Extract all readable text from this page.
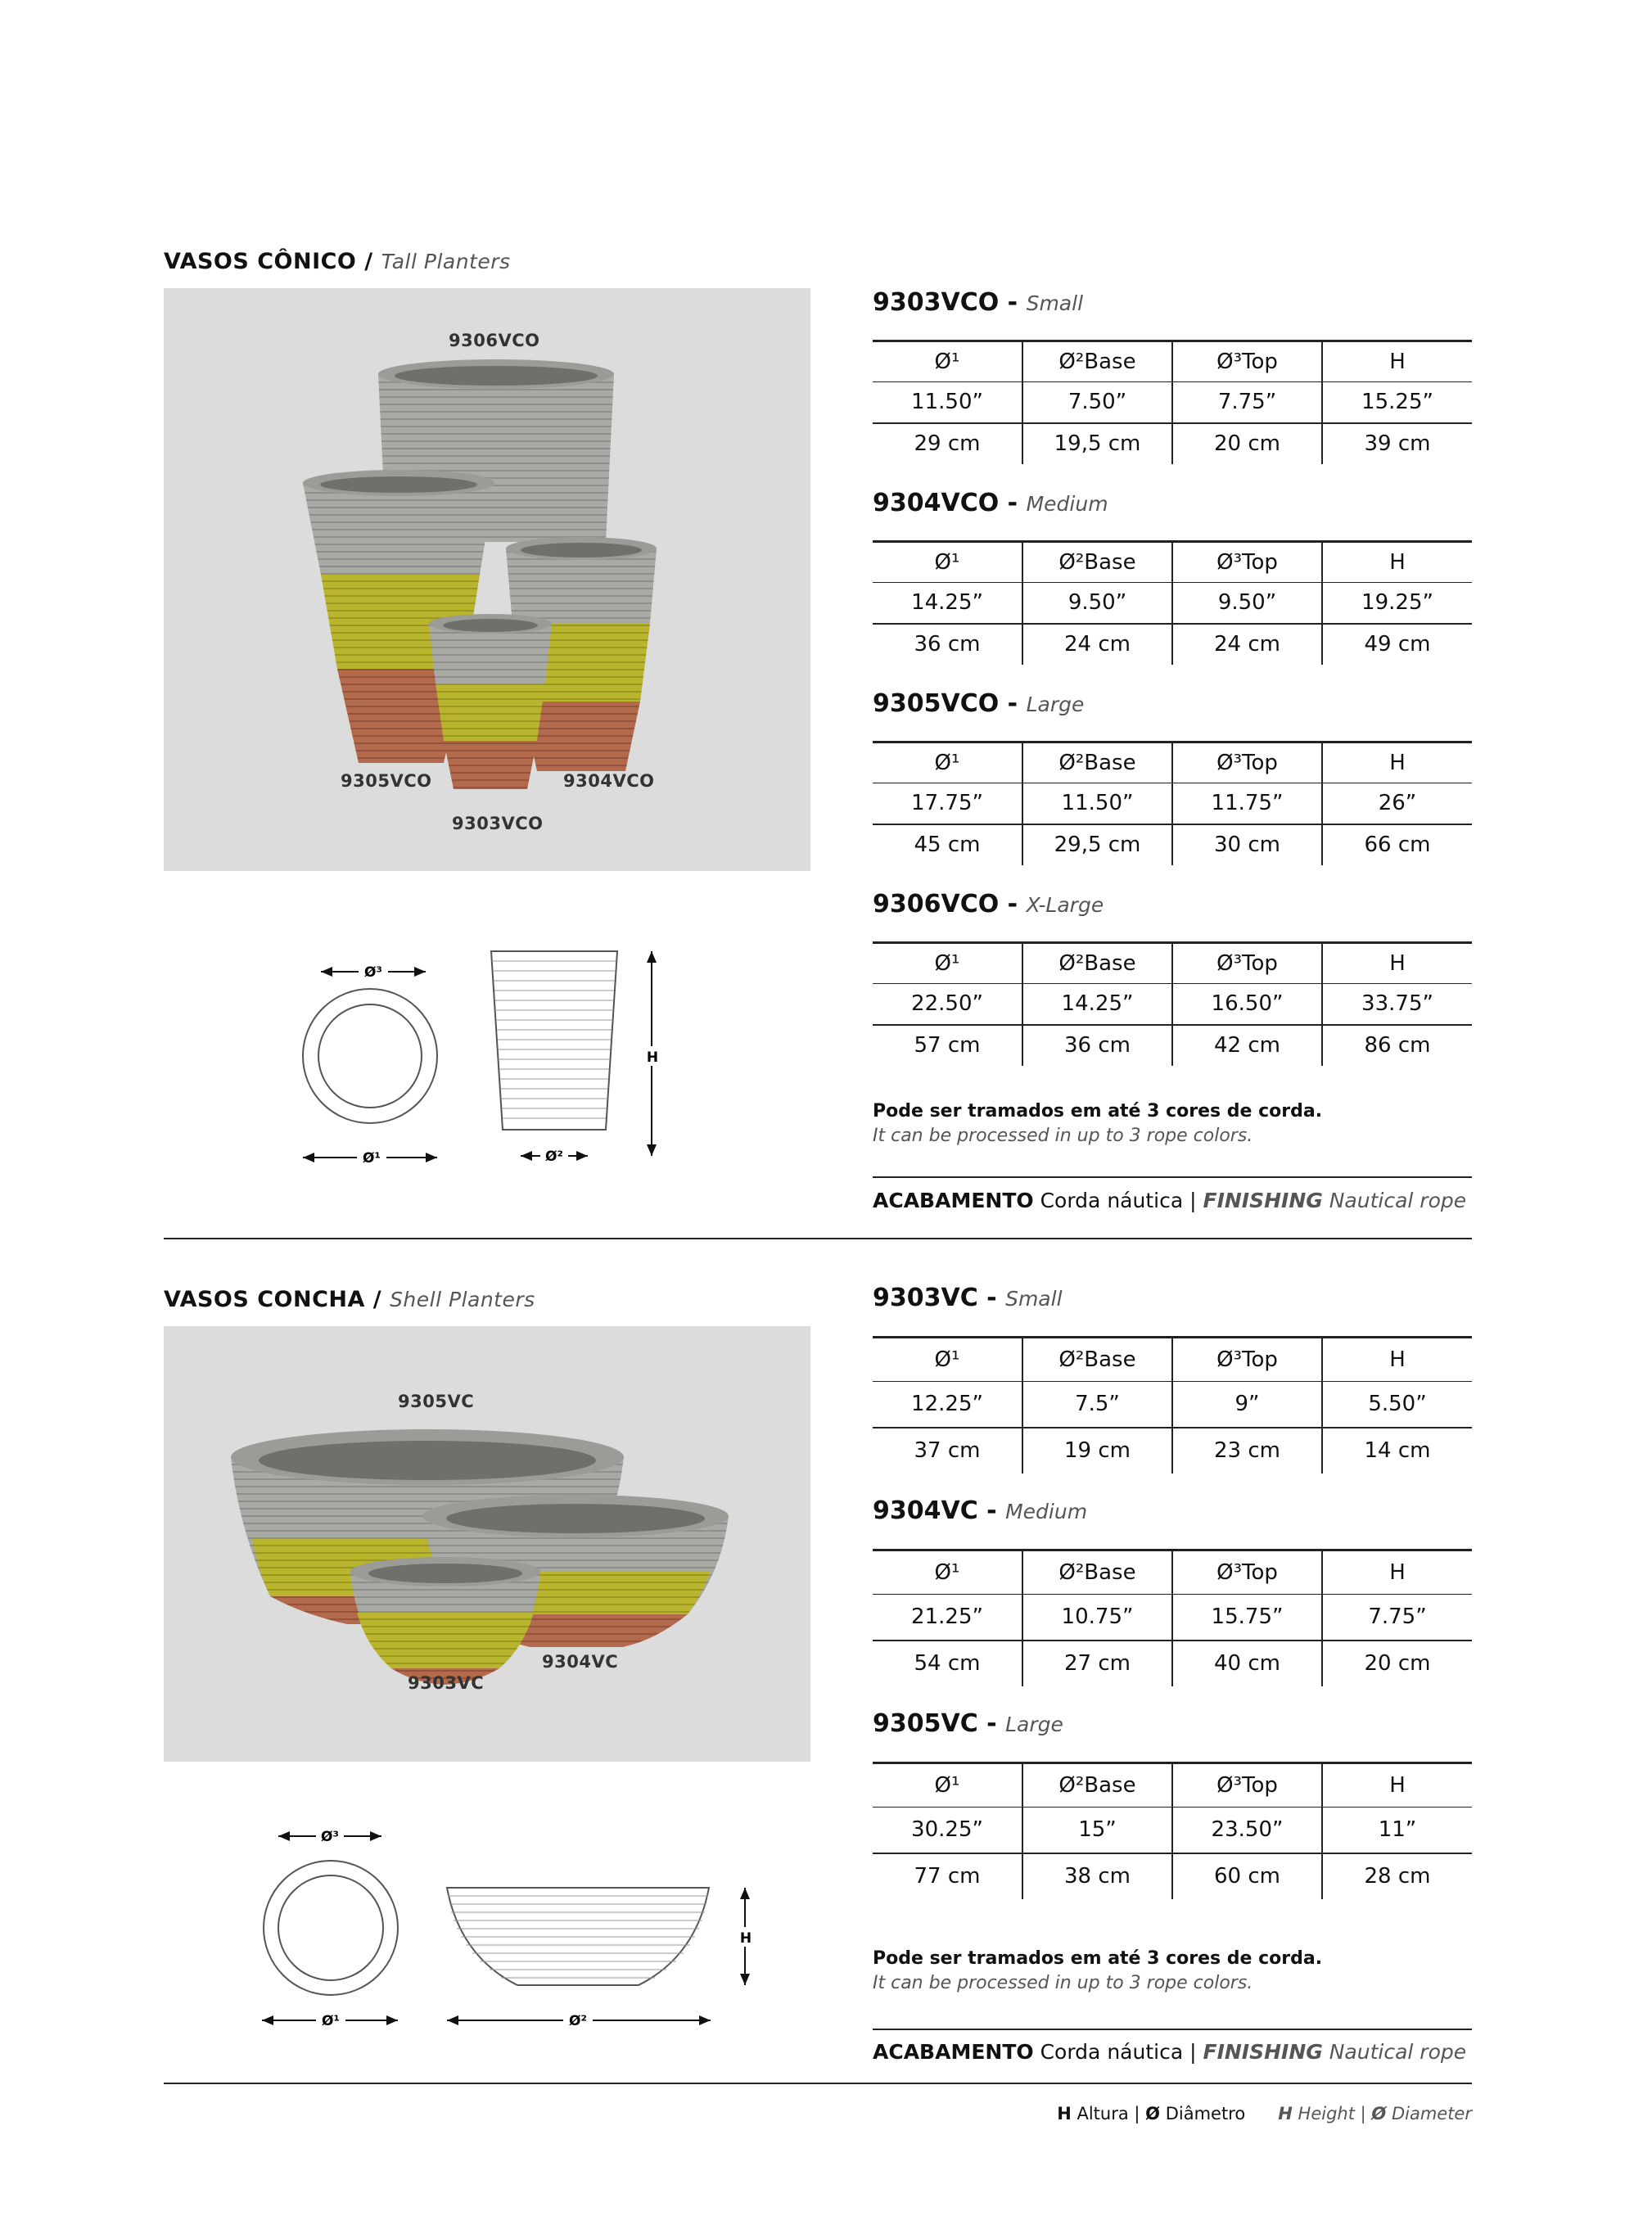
VASOS CÔNICO / Tall Planters
9306VCO
9305VCO	9304VCO
9303VCO
Ø³
Ø¹	Ø²
H
9303VCO - Small
Ø¹	Ø²Base	Ø³Top	H
11.50”	7.50”	7.75”	15.25”
29 cm	19,5 cm	20 cm	39 cm
9304VCO - Medium
Ø¹	Ø²Base	Ø³Top	H
14.25”	9.50”	9.50”	19.25”
36 cm	24 cm	24 cm	49 cm
9305VCO - Large
Ø¹	Ø²Base	Ø³Top	H
17.75”	11.50”	11.75”	26”
45 cm	29,5 cm	30 cm	66 cm
9306VCO - X-Large
Ø¹	Ø²Base	Ø³Top	H
22.50”	14.25”	16.50”	33.75”
57 cm	36 cm	42 cm	86 cm
Pode ser tramados em até 3 cores de corda.
It can be processed in up to 3 rope colors.
ACABAMENTO Corda náutica | FINISHING Nautical rope
VASOS CONCHA / Shell Planters
9305VC
9304VC
9303VC
Ø³
Ø¹	Ø²
H
9303VC - Small
Ø¹	Ø²Base	Ø³Top	H
12.25”	7.5”	9”	5.50”
37 cm	19 cm	23 cm	14 cm
9304VC - Medium
Ø¹	Ø²Base	Ø³Top	H
21.25”	10.75”	15.75”	7.75”
54 cm	27 cm	40 cm	20 cm
9305VC - Large
Ø¹	Ø²Base	Ø³Top	H
30.25”	15”	23.50”	11”
77 cm	38 cm	60 cm	28 cm
Pode ser tramados em até 3 cores de corda.
It can be processed in up to 3 rope colors.
ACABAMENTO Corda náutica | FINISHING Nautical rope
H Altura | Ø Diâmetro H Height | Ø Diameter
